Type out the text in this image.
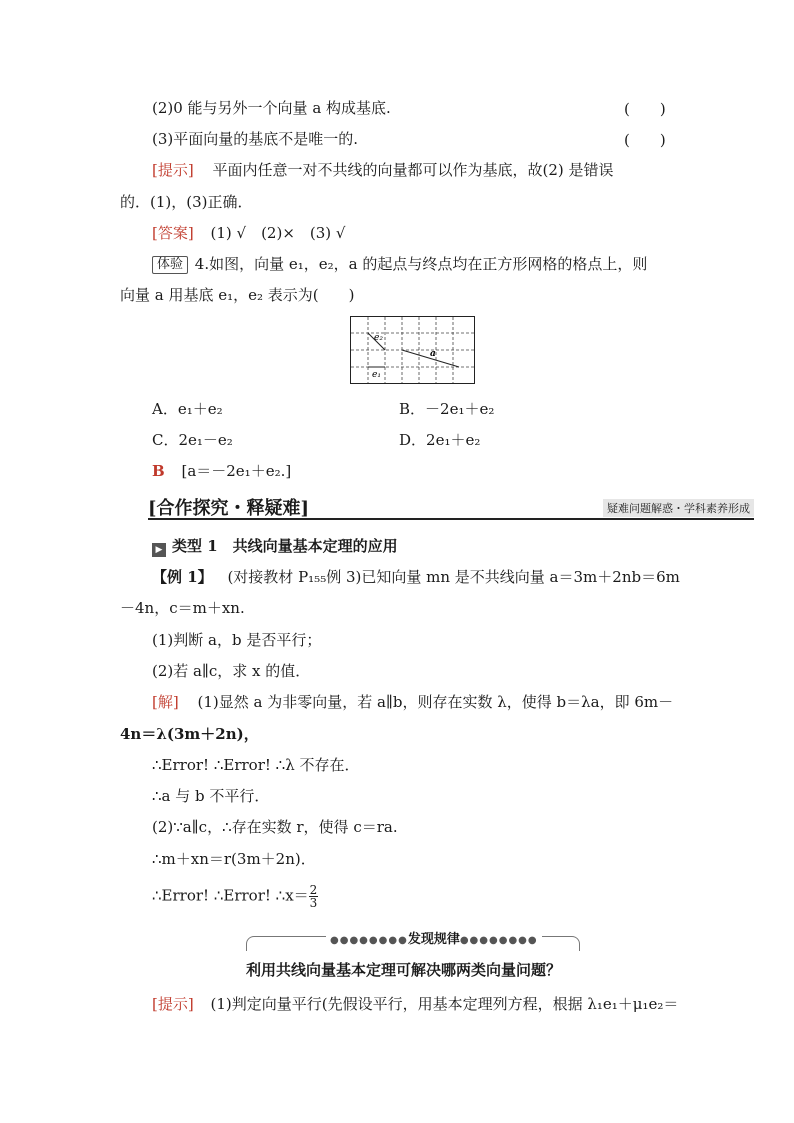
(2)0 能与另外一个向量 a 构成基底.	(　　)
(3)平面向量的基底不是唯一的.	(　　)
[提示] 平面内任意一对不共线的向量都可以作为基底，故(2) 是错误
的．(1)，(3)正确．
[答案] (1) √　(2)×　(3) √
体验 4.如图，向量 e₁，e₂，a 的起点与终点均在正方形网格的格点上，则
向量 a 用基底 e₁，e₂ 表示为(　　)
e₂
a
e₁
A．e₁＋e₂	B．－2e₁＋e₂
C．2e₁－e₂	D．2e₁＋e₂
B [a＝－2e₁＋e₂.]
[合作探究・释疑难]	疑难问题解惑・学科素养形成
▶ 类型 1　共线向量基本定理的应用
【例 1】 (对接教材 P₁₅₅例 3)已知向量 mn 是不共线向量 a＝3m＋2nb＝6m
－4n，c＝m＋xn.
(1)判断 a，b 是否平行；
(2)若 a∥c，求 x 的值．
[解] (1)显然 a 为非零向量，若 a∥b，则存在实数 λ，使得 b＝λa，即 6m－
4n＝λ(3m＋2n)，
∴Error! ∴Error! ∴λ 不存在．
∴a 与 b 不平行．
(2)∵a∥c，∴存在实数 r，使得 c＝ra.
∴m＋xn＝r(3m＋2n)．
∴Error! ∴Error! ∴x＝ $\frac{2}{3}$
●●●●●●●●发现规律●●●●●●●●
利用共线向量基本定理可解决哪两类向量问题？
[提示] (1)判定向量平行(先假设平行，用基本定理列方程，根据 λ₁e₁＋μ₁e₂＝
